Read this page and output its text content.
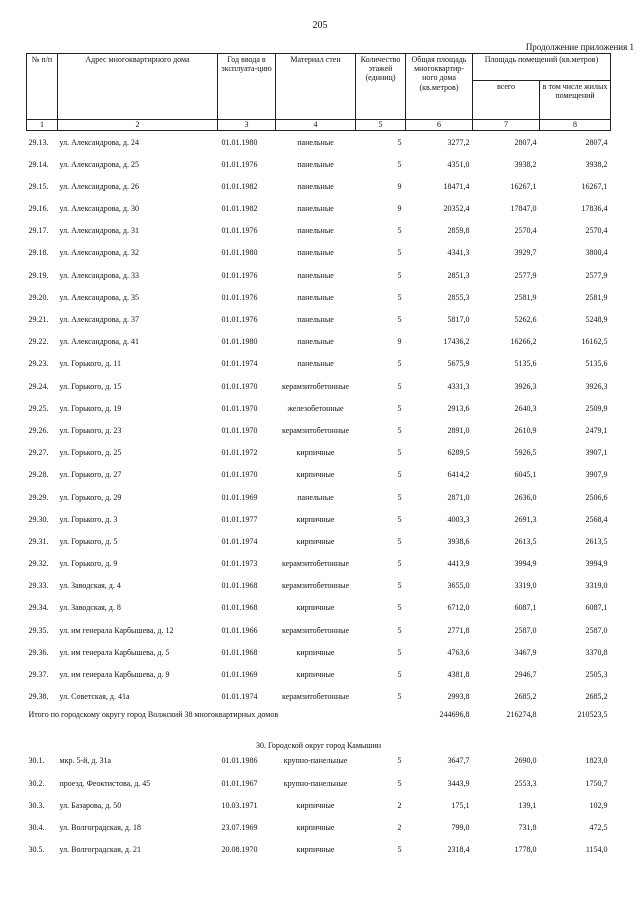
205
Продолжение приложения 1
№ п/п	Адрес многоквартирного дома	Год ввода в эксплуата-цию	Материал стен	Количество этажей (единиц)	Общая площадь многоквартир-ного дома (кв.метров)	Площадь помещений (кв.метров)	
						всего	в том числе жилых помещений
1	2	3	4	5	6	7	8
29.13.	ул. Александрова, д. 24	01.01.1980	панельные	5	3277,2	2807,4	2807,4
29.14.	ул. Александрова, д. 25	01.01.1976	панельные	5	4351,0	3938,2	3938,2
29.15.	ул. Александрова, д. 26	01.01.1982	панельные	9	18471,4	16267,1	16267,1
29.16.	ул. Александрова, д. 30	01.01.1982	панельные	9	20352,4	17847,0	17836,4
29.17.	ул. Александрова, д. 31	01.01.1976	панельные	5	2859,8	2570,4	2570,4
29.18.	ул. Александрова, д. 32	01.01.1980	панельные	5	4341,3	3929,7	3800,4
29.19.	ул. Александрова, д. 33	01.01.1976	панельные	5	2851,3	2577,9	2577,9
29.20.	ул. Александрова, д. 35	01.01.1976	панельные	5	2855,3	2581,9	2581,9
29.21.	ул. Александрова, д. 37	01.01.1976	панельные	5	5817,0	5262,6	5248,9
29.22.	ул. Александрова, д. 41	01.01.1980	панельные	9	17436,2	16266,2	16162,5
29.23.	ул. Горького, д. 11	01.01.1974	панельные	5	5675,9	5135,6	5135,6
29.24.	ул. Горького, д. 15	01.01.1970	керамзитобетонные	5	4331,3	3926,3	3926,3
29.25.	ул. Горького, д. 19	01.01.1970	железобетонные	5	2913,6	2640,3	2509,9
29.26.	ул. Горького, д. 23	01.01.1970	керамзитобетонные	5	2891,0	2610,9	2479,1
29.27.	ул. Горького, д. 25	01.01.1972	кирпичные	5	6289,5	5926,5	3907,1
29.28.	ул. Горького, д. 27	01.01.1970	кирпичные	5	6414,2	6045,1	3907,9
29.29.	ул. Горького, д. 29	01.01.1969	панельные	5	2871,0	2636,0	2506,6
29.30.	ул. Горького, д. 3	01.01.1977	кирпичные	5	4003,3	2691,3	2568,4
29.31.	ул. Горького, д. 5	01.01.1974	кирпичные	5	3938,6	2613,5	2613,5
29.32.	ул. Горького, д. 9	01.01.1973	керамзитобетонные	5	4413,9	3994,9	3994,9
29.33.	ул. Заводская, д. 4	01.01.1968	керамзитобетонные	5	3655,0	3319,0	3319,0
29.34.	ул. Заводская, д. 8	01.01.1968	кирпичные	5	6712,0	6087,1	6087,1
29.35.	ул. им генерала Карбышева, д. 12	01.01.1966	керамзитобетонные	5	2771,8	2587,0	2587,0
29.36.	ул. им генерала Карбышева, д. 5	01.01.1968	кирпичные	5	4763,6	3467,9	3370,8
29.37.	ул. им генерала Карбышева, д. 9	01.01.1969	кирпичные	5	4381,8	2946,7	2505,3
29.38.	ул. Советская, д. 41а	01.01.1974	керамзитобетонные	5	2993,8	2685,2	2685,2
Итого по городскому округу город Волжский 38 многоквартирных домов					244696,8	216274,8	210523,5
30. Городской округ город Камышин							
30.1.	мкр. 5-й, д. 31а	01.01.1986	крупно-панельные	5	3647,7	2690,0	1823,0
30.2.	проезд. Феоктистова, д. 45	01.01.1967	крупно-панельные	5	3443,9	2553,3	1750,7
30.3.	ул. Базарова, д. 50	10.03.1971	кирпичные	2	175,1	139,1	102,9
30.4.	ул. Волгоградская, д. 18	23.07.1969	кирпичные	2	799,0	731,8	472,5
30.5.	ул. Волгоградская, д. 21	20.08.1970	кирпичные	5	2318,4	1778,0	1154,0
